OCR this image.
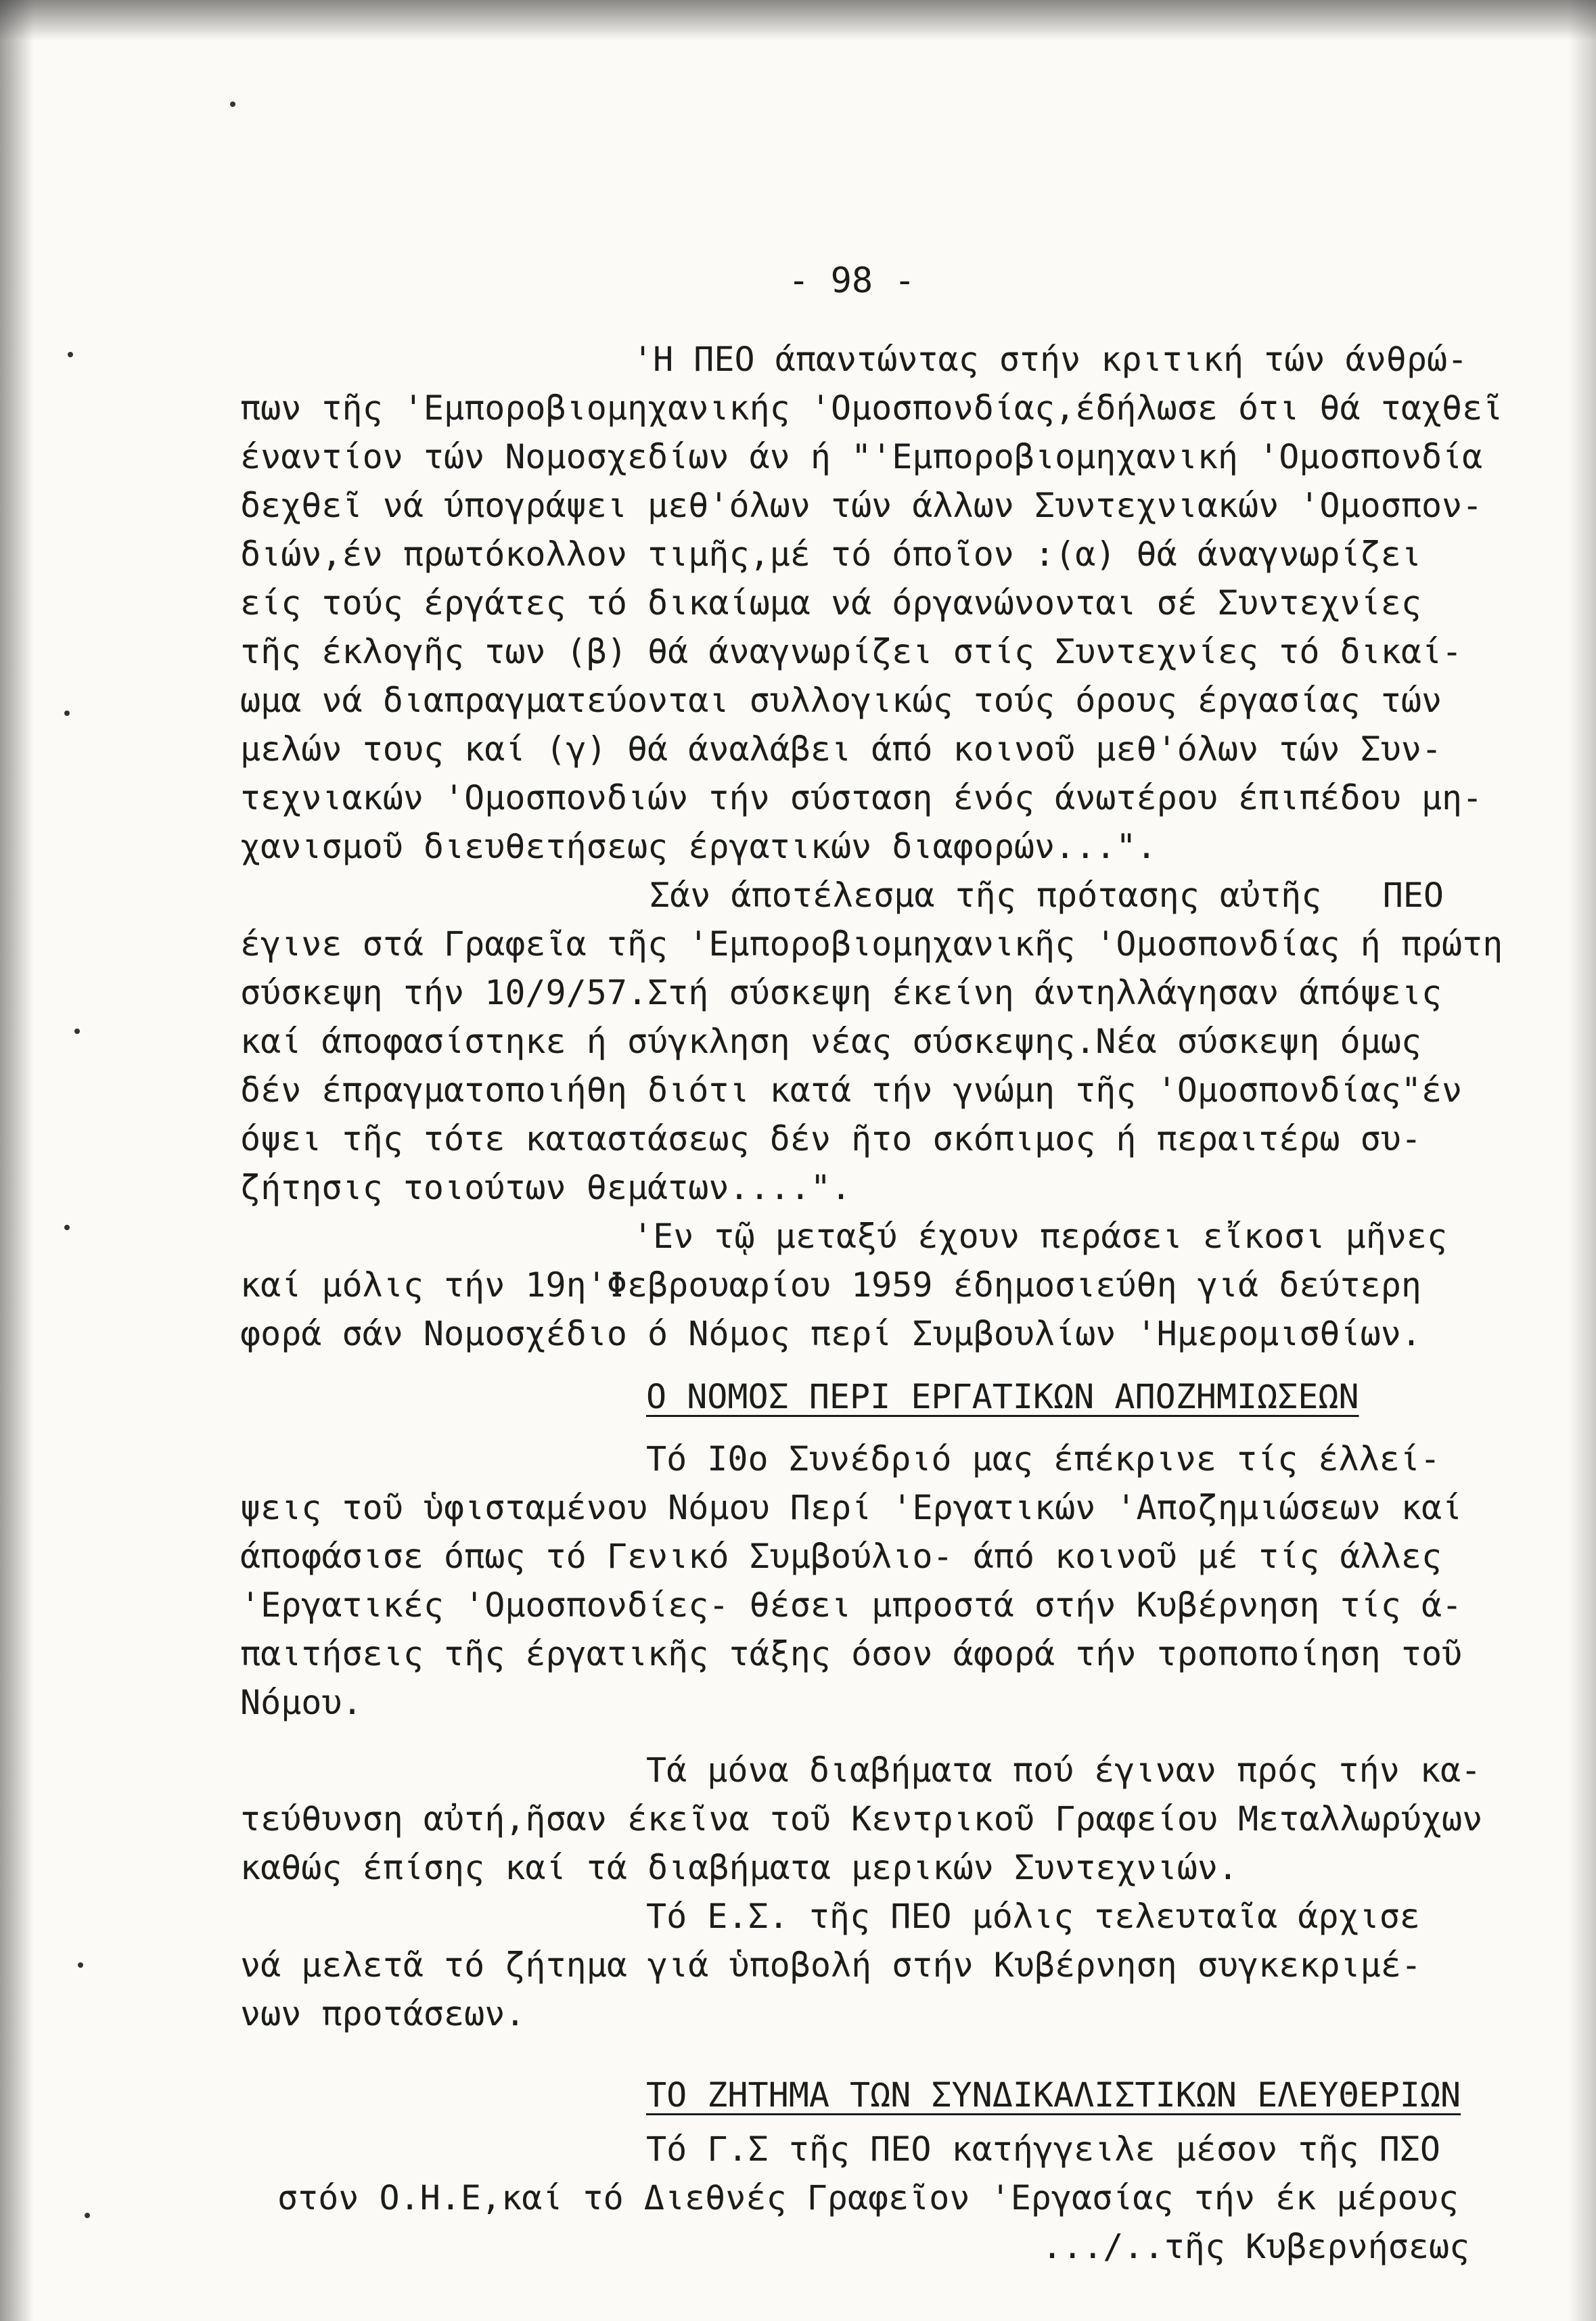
- 98 -
'Η ΠΕΟ άπαντώντας στήν κριτική τών άνθρώ-
πων τῆς 'Εμποροβιομηχανικής 'Ομοσπονδίας,έδήλωσε ότι θά ταχθεῖ
έναντίον τών Νομοσχεδίων άν ή "'Εμποροβιομηχανική 'Ομοσπονδία
δεχθεῖ νά ύπογράψει μεθ'όλων τών άλλων Συντεχνιακών 'Ομοσπον-
διών,έν πρωτόκολλον τιμῆς,μέ τό όποῖον :(α) θά άναγνωρίζει
είς τούς έργάτες τό δικαίωμα νά όργανώνονται σέ Συντεχνίες
τῆς έκλογῆς των (β) θά άναγνωρίζει στίς Συντεχνίες τό δικαί-
ωμα νά διαπραγματεύονται συλλογικώς τούς όρους έργασίας τών
μελών τους καί (γ) θά άναλάβει άπό κοινοῦ μεθ'όλων τών Συν-
τεχνιακών 'Ομοσπονδιών τήν σύσταση ένός άνωτέρου έπιπέδου μη-
χανισμοῦ διευθετήσεως έργατικών διαφορών...".
Σάν άποτέλεσμα τῆς πρότασης αὐτῆς   ΠΕΟ
έγινε στά Γραφεῖα τῆς 'Εμποροβιομηχανικῆς 'Ομοσπονδίας ή πρώτη
σύσκεψη τήν 10/9/57.Στή σύσκεψη έκείνη άντηλλάγησαν άπόψεις
καί άποφασίστηκε ή σύγκληση νέας σύσκεψης.Νέα σύσκεψη όμως
δέν έπραγματοποιήθη διότι κατά τήν γνώμη τῆς 'Ομοσπονδίας"έν
όψει τῆς τότε καταστάσεως δέν ῆτο σκόπιμος ή περαιτέρω συ-
ζήτησις τοιούτων θεμάτων....".
'Εν τῷ μεταξύ έχουν περάσει εἴκοσι μῆνες
καί μόλις τήν 19η'Φεβρουαρίου 1959 έδημοσιεύθη γιά δεύτερη
φορά σάν Νομοσχέδιο ό Νόμος περί Συμβουλίων 'Ημερομισθίων.
Ο ΝΟΜΟΣ ΠΕΡΙ ΕΡΓΑΤΙΚΩΝ ΑΠΟΖΗΜΙΩΣΕΩΝ
Τό Ι0ο Συνέδριό μας έπέκρινε τίς έλλεί-
ψεις τοῦ ὑφισταμένου Νόμου Περί 'Εργατικών 'Αποζημιώσεων καί
άποφάσισε όπως τό Γενικό Συμβούλιο- άπό κοινοῦ μέ τίς άλλες
'Εργατικές 'Ομοσπονδίες- θέσει μπροστά στήν Κυβέρνηση τίς ά-
παιτήσεις τῆς έργατικῆς τάξης όσον άφορά τήν τροποποίηση τοῦ
Νόμου.
Τά μόνα διαβήματα πού έγιναν πρός τήν κα-
τεύθυνση αὐτή,ῆσαν έκεῖνα τοῦ Κεντρικοῦ Γραφείου Μεταλλωρύχων
καθώς έπίσης καί τά διαβήματα μερικών Συντεχνιών.
Τό Ε.Σ. τῆς ΠΕΟ μόλις τελευταῖα άρχισε
νά μελετᾶ τό ζήτημα γιά ὑποβολή στήν Κυβέρνηση συγκεκριμέ-
νων προτάσεων.
ΤΟ ΖΗΤΗΜΑ ΤΩΝ ΣΥΝΔΙΚΑΛΙΣΤΙΚΩΝ ΕΛΕΥΘΕΡΙΩΝ
Τό Γ.Σ τῆς ΠΕΟ κατήγγειλε μέσον τῆς ΠΣΟ
στόν Ο.Η.Ε,καί τό Διεθνές Γραφεῖον 'Εργασίας τήν έκ μέρους
.../..τῆς Κυβερνήσεως
